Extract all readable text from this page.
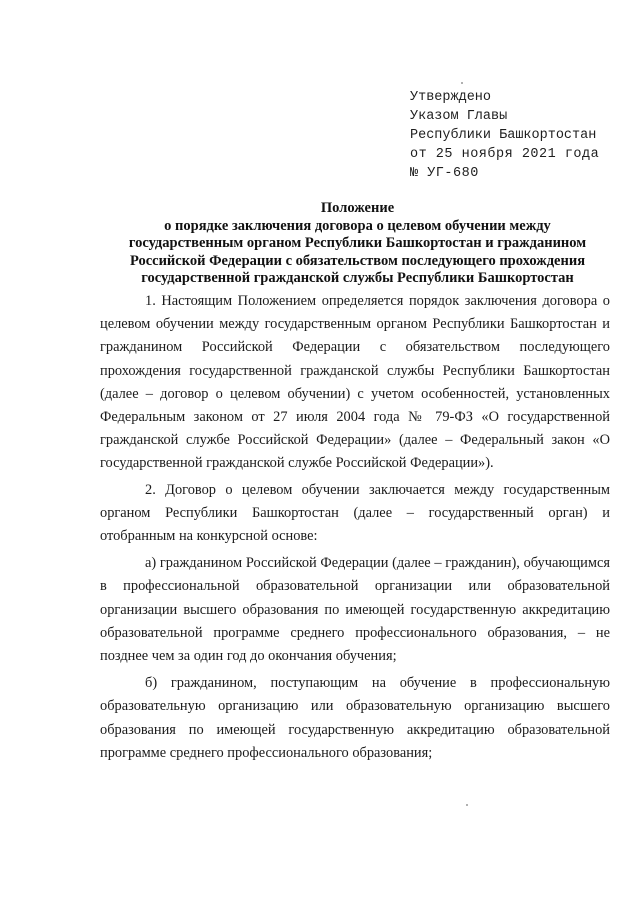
Утверждено
Указом Главы
Республики Башкортостан
от 25 ноября 2021 года
№ УГ-680
Положение
о порядке заключения договора о целевом обучении между
государственным органом Республики Башкортостан и гражданином
Российской Федерации с обязательством последующего прохождения
государственной гражданской службы Республики Башкортостан

1. Настоящим Положением определяется порядок заключения договора о целевом обучении между государственным органом Республики Башкортостан и гражданином Российской Федерации с обязательством последующего прохождения государственной гражданской службы Республики Башкортостан (далее – договор о целевом обучении) с учетом особенностей, установленных Федеральным законом от 27 июля 2004 года № 79-ФЗ «О государственной гражданской службе Российской Федерации» (далее – Федеральный закон «О государственной гражданской службе Российской Федерации»).

2. Договор о целевом обучении заключается между государственным органом Республики Башкортостан (далее – государственный орган) и отобранным на конкурсной основе:

а) гражданином Российской Федерации (далее – гражданин), обучающимся в профессиональной образовательной организации или образовательной организации высшего образования по имеющей государственную аккредитацию образовательной программе среднего профессионального образования, – не позднее чем за один год до окончания обучения;

б) гражданином, поступающим на обучение в профессиональную образовательную организацию или образовательную организацию высшего образования по имеющей государственную аккредитацию образовательной программе среднего профессионального образования;
